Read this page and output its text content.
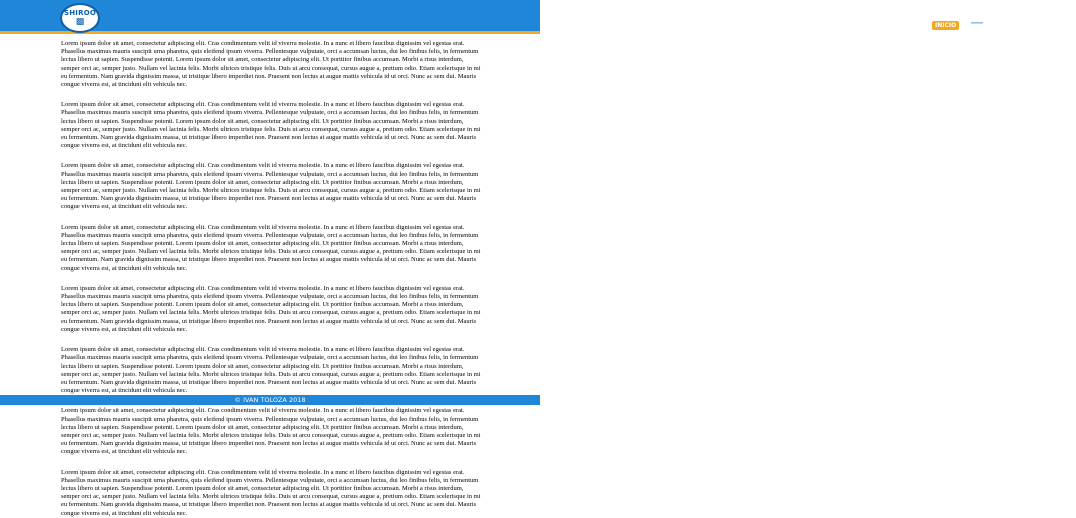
SHIROO
▩	INICIO	PROYECTOS ? ACERCA

Lorem ipsum dolor sit amet, consectetur adipiscing elit. Cras condimentum velit id viverra molestie. In a nunc et libero faucibus dignissim vel egestas erat. Phasellus maximus mauris suscipit urna pharetra, quis eleifend ipsum viverra. Pellentesque vulputate, orci a accumsan luctus, dui leo finibus felis, in fermentum lectus libero ut sapien. Suspendisse potenti. Lorem ipsum dolor sit amet, consectetur adipiscing elit. Ut porttitor finibus accumsan. Morbi a risus interdum, semper orci ac, semper justo. Nullam vel lacinia felis. Morbi ultrices tristique felis. Duis ut arcu consequat, cursus augue a, pretium odio. Etiam scelerisque in mi eu fermentum. Nam gravida dignissim massa, ut tristique libero imperdiet non. Praesent non lectus at augue mattis vehicula id ut orci. Nunc ac sem dui. Mauris congue viverra est, at tincidunt elit vehicula nec.

Lorem ipsum dolor sit amet, consectetur adipiscing elit. Cras condimentum velit id viverra molestie. In a nunc et libero faucibus dignissim vel egestas erat. Phasellus maximus mauris suscipit urna pharetra, quis eleifend ipsum viverra. Pellentesque vulputate, orci a accumsan luctus, dui leo finibus felis, in fermentum lectus libero ut sapien. Suspendisse potenti. Lorem ipsum dolor sit amet, consectetur adipiscing elit. Ut porttitor finibus accumsan. Morbi a risus interdum, semper orci ac, semper justo. Nullam vel lacinia felis. Morbi ultrices tristique felis. Duis ut arcu consequat, cursus augue a, pretium odio. Etiam scelerisque in mi eu fermentum. Nam gravida dignissim massa, ut tristique libero imperdiet non. Praesent non lectus at augue mattis vehicula id ut orci. Nunc ac sem dui. Mauris congue viverra est, at tincidunt elit vehicula nec.

Lorem ipsum dolor sit amet, consectetur adipiscing elit. Cras condimentum velit id viverra molestie. In a nunc et libero faucibus dignissim vel egestas erat. Phasellus maximus mauris suscipit urna pharetra, quis eleifend ipsum viverra. Pellentesque vulputate, orci a accumsan luctus, dui leo finibus felis, in fermentum lectus libero ut sapien. Suspendisse potenti. Lorem ipsum dolor sit amet, consectetur adipiscing elit. Ut porttitor finibus accumsan. Morbi a risus interdum, semper orci ac, semper justo. Nullam vel lacinia felis. Morbi ultrices tristique felis. Duis ut arcu consequat, cursus augue a, pretium odio. Etiam scelerisque in mi eu fermentum. Nam gravida dignissim massa, ut tristique libero imperdiet non. Praesent non lectus at augue mattis vehicula id ut orci. Nunc ac sem dui. Mauris congue viverra est, at tincidunt elit vehicula nec.

Lorem ipsum dolor sit amet, consectetur adipiscing elit. Cras condimentum velit id viverra molestie. In a nunc et libero faucibus dignissim vel egestas erat. Phasellus maximus mauris suscipit urna pharetra, quis eleifend ipsum viverra. Pellentesque vulputate, orci a accumsan luctus, dui leo finibus felis, in fermentum lectus libero ut sapien. Suspendisse potenti. Lorem ipsum dolor sit amet, consectetur adipiscing elit. Ut porttitor finibus accumsan. Morbi a risus interdum, semper orci ac, semper justo. Nullam vel lacinia felis. Morbi ultrices tristique felis. Duis ut arcu consequat, cursus augue a, pretium odio. Etiam scelerisque in mi eu fermentum. Nam gravida dignissim massa, ut tristique libero imperdiet non. Praesent non lectus at augue mattis vehicula id ut orci. Nunc ac sem dui. Mauris congue viverra est, at tincidunt elit vehicula nec.

Lorem ipsum dolor sit amet, consectetur adipiscing elit. Cras condimentum velit id viverra molestie. In a nunc et libero faucibus dignissim vel egestas erat. Phasellus maximus mauris suscipit urna pharetra, quis eleifend ipsum viverra. Pellentesque vulputate, orci a accumsan luctus, dui leo finibus felis, in fermentum lectus libero ut sapien. Suspendisse potenti. Lorem ipsum dolor sit amet, consectetur adipiscing elit. Ut porttitor finibus accumsan. Morbi a risus interdum, semper orci ac, semper justo. Nullam vel lacinia felis. Morbi ultrices tristique felis. Duis ut arcu consequat, cursus augue a, pretium odio. Etiam scelerisque in mi eu fermentum. Nam gravida dignissim massa, ut tristique libero imperdiet non. Praesent non lectus at augue mattis vehicula id ut orci. Nunc ac sem dui. Mauris congue viverra est, at tincidunt elit vehicula nec.

Lorem ipsum dolor sit amet, consectetur adipiscing elit. Cras condimentum velit id viverra molestie. In a nunc et libero faucibus dignissim vel egestas erat. Phasellus maximus mauris suscipit urna pharetra, quis eleifend ipsum viverra. Pellentesque vulputate, orci a accumsan luctus, dui leo finibus felis, in fermentum lectus libero ut sapien. Suspendisse potenti. Lorem ipsum dolor sit amet, consectetur adipiscing elit. Ut porttitor finibus accumsan. Morbi a risus interdum, semper orci ac, semper justo. Nullam vel lacinia felis. Morbi ultrices tristique felis. Duis ut arcu consequat, cursus augue a, pretium odio. Etiam scelerisque in mi eu fermentum. Nam gravida dignissim massa, ut tristique libero imperdiet non. Praesent non lectus at augue mattis vehicula id ut orci. Nunc ac sem dui. Mauris congue viverra est, at tincidunt elit vehicula nec.

Lorem ipsum dolor sit amet, consectetur adipiscing elit. Cras condimentum velit id viverra molestie. In a nunc et libero faucibus dignissim vel egestas erat. Phasellus maximus mauris suscipit urna pharetra, quis eleifend ipsum viverra. Pellentesque vulputate, orci a accumsan luctus, dui leo finibus felis, in fermentum lectus libero ut sapien. Suspendisse potenti. Lorem ipsum dolor sit amet, consectetur adipiscing elit. Ut porttitor finibus accumsan. Morbi a risus interdum, semper orci ac, semper justo. Nullam vel lacinia felis. Morbi ultrices tristique felis. Duis ut arcu consequat, cursus augue a, pretium odio. Etiam scelerisque in mi eu fermentum. Nam gravida dignissim massa, ut tristique libero imperdiet non. Praesent non lectus at augue mattis vehicula id ut orci. Nunc ac sem dui. Mauris congue viverra est, at tincidunt elit vehicula nec.

Lorem ipsum dolor sit amet, consectetur adipiscing elit. Cras condimentum velit id viverra molestie. In a nunc et libero faucibus dignissim vel egestas erat. Phasellus maximus mauris suscipit urna pharetra, quis eleifend ipsum viverra. Pellentesque vulputate, orci a accumsan luctus, dui leo finibus felis, in fermentum lectus libero ut sapien. Suspendisse potenti. Lorem ipsum dolor sit amet, consectetur adipiscing elit. Ut porttitor finibus accumsan. Morbi a risus interdum, semper orci ac, semper justo. Nullam vel lacinia felis. Morbi ultrices tristique felis. Duis ut arcu consequat, cursus augue a, pretium odio. Etiam scelerisque in mi eu fermentum. Nam gravida dignissim massa, ut tristique libero imperdiet non. Praesent non lectus at augue mattis vehicula id ut orci. Nunc ac sem dui. Mauris congue viverra est, at tincidunt elit vehicula nec.

© IVAN TOLOZA 2018
